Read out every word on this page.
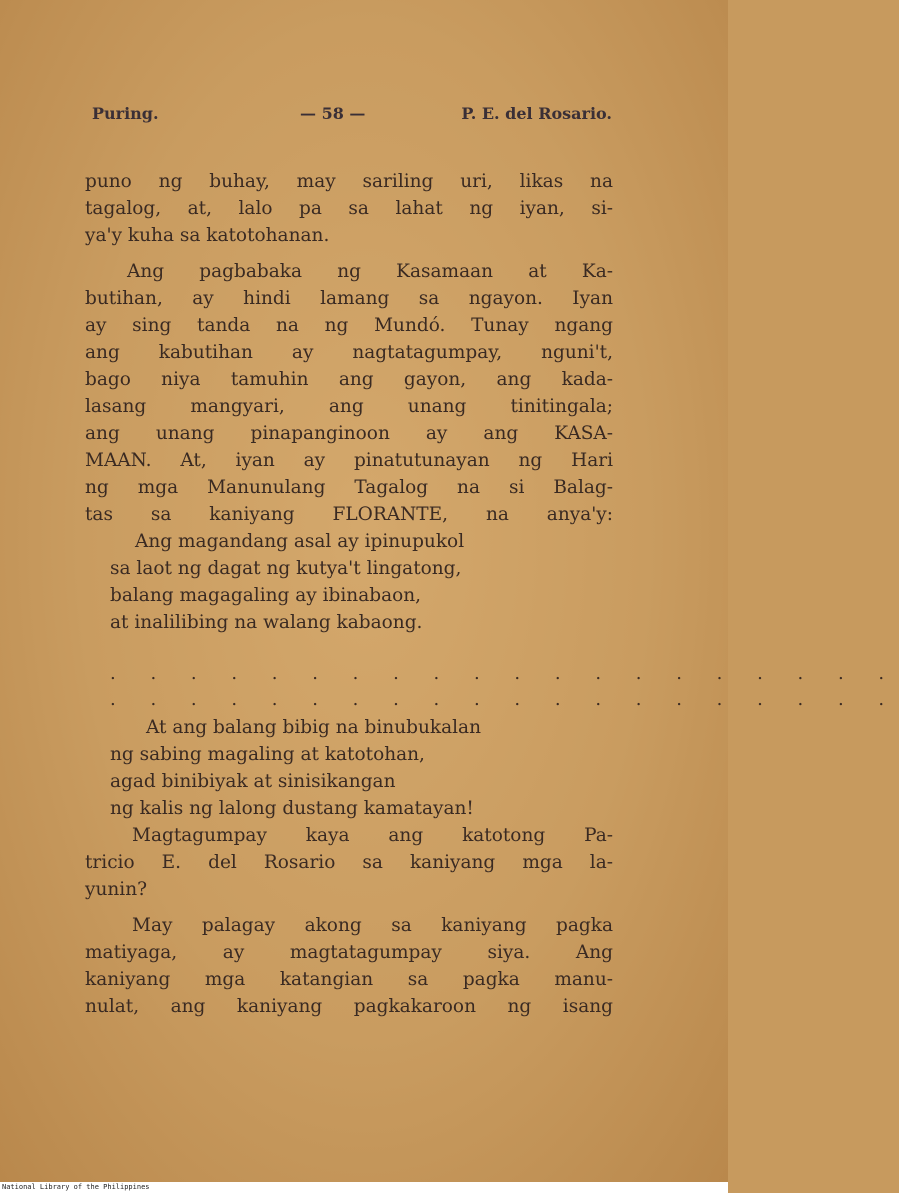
Puring.	— 58 —	P. E. del Rosario.
puno ng buhay, may sariling uri, likas na
tagalog, at, lalo pa sa lahat ng iyan, si-
ya'y kuha sa katotohanan.
Ang pagbabaka ng Kasamaan at Ka-
butihan, ay hindi lamang sa ngayon. Iyan
ay sing tanda na ng Mundó. Tunay ngang
ang kabutihan ay nagtatagumpay, nguni't,
bago niya tamuhin ang gayon, ang kada-
lasang mangyari, ang unang tinitingala;
ang unang pinapanginoon ay ang KASA-
MAAN. At, iyan ay pinatutunayan ng Hari
ng mga Manunulang Tagalog na si Balag-
tas sa kaniyang FLORANTE, na anya'y:
Ang magandang asal ay ipinupukol
sa laot ng dagat ng kutya't lingatong,
balang magagaling ay ibinabaon,
at inalilibing na walang kabaong.
. . . . . . . . . . . . . . . . . . . .
. . . . . . . . . . . . . . . . . . . .
At ang balang bibig na binubukalan
ng sabing magaling at katotohan,
agad binibiyak at sinisikangan
ng kalis ng lalong dustang kamatayan!
Magtagumpay kaya ang katotong Pa-
tricio E. del Rosario sa kaniyang mga la-
yunin?
May palagay akong sa kaniyang pagka
matiyaga, ay magtatagumpay siya. Ang
kaniyang mga katangian sa pagka manu-
nulat, ang kaniyang pagkakaroon ng isang
National Library of the Philippines
